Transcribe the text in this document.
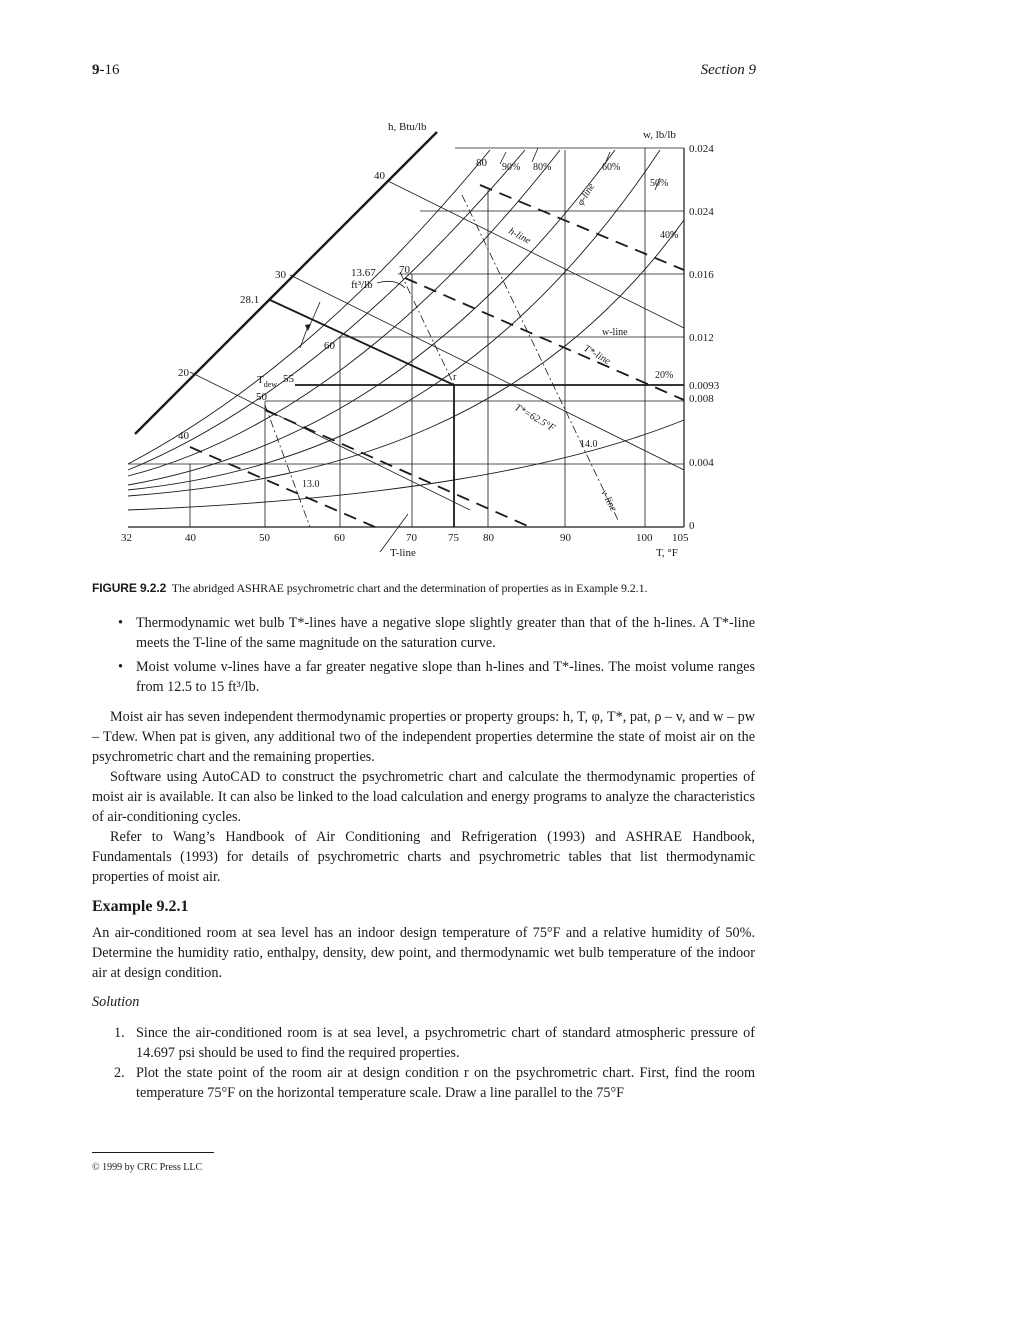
9-16	Section 9
h, Btu/lb
w, lb/lb
T, °F
T-line
40
30
28.1
20
32	40	50	60	70	75 80	90	100 105
0.024
0.024
0.016
0.012
0.0093
0.008
0.004
0
90% 80%	60%
50%
40%
20%
80
70
60
55
50
40
$T_{dew}$
13.67
ft³/lb
r
w-line
14.0
13.0
φ-line
h-line
T*-line
T*=62.5°F
v-line
FIGURE 9.2.2 The abridged ASHRAE psychrometric chart and the determination of properties as in Example 9.2.1.
• Thermodynamic wet bulb T*-lines have a negative slope slightly greater than that of the h-lines. A T*-line meets the T-line of the same magnitude on the saturation curve.
• Moist volume v-lines have a far greater negative slope than h-lines and T*-lines. The moist volume ranges from 12.5 to 15 ft³/lb.
Moist air has seven independent thermodynamic properties or property groups: h, T, φ, T*, pat, ρ – v, and w – pw – Tdew. When pat is given, any additional two of the independent properties determine the state of moist air on the psychrometric chart and the remaining properties.
Software using AutoCAD to construct the psychrometric chart and calculate the thermodynamic properties of moist air is available. It can also be linked to the load calculation and energy programs to analyze the characteristics of air-conditioning cycles.
Refer to Wang’s Handbook of Air Conditioning and Refrigeration (1993) and ASHRAE Handbook, Fundamentals (1993) for details of psychrometric charts and psychrometric tables that list thermodynamic properties of moist air.
Example 9.2.1
An air-conditioned room at sea level has an indoor design temperature of 75°F and a relative humidity of 50%. Determine the humidity ratio, enthalpy, density, dew point, and thermodynamic wet bulb temperature of the indoor air at design condition.
Solution
1. Since the air-conditioned room is at sea level, a psychrometric chart of standard atmospheric pressure of 14.697 psi should be used to find the required properties.
2. Plot the state point of the room air at design condition r on the psychrometric chart. First, find the room temperature 75°F on the horizontal temperature scale. Draw a line parallel to the 75°F
© 1999 by CRC Press LLC
